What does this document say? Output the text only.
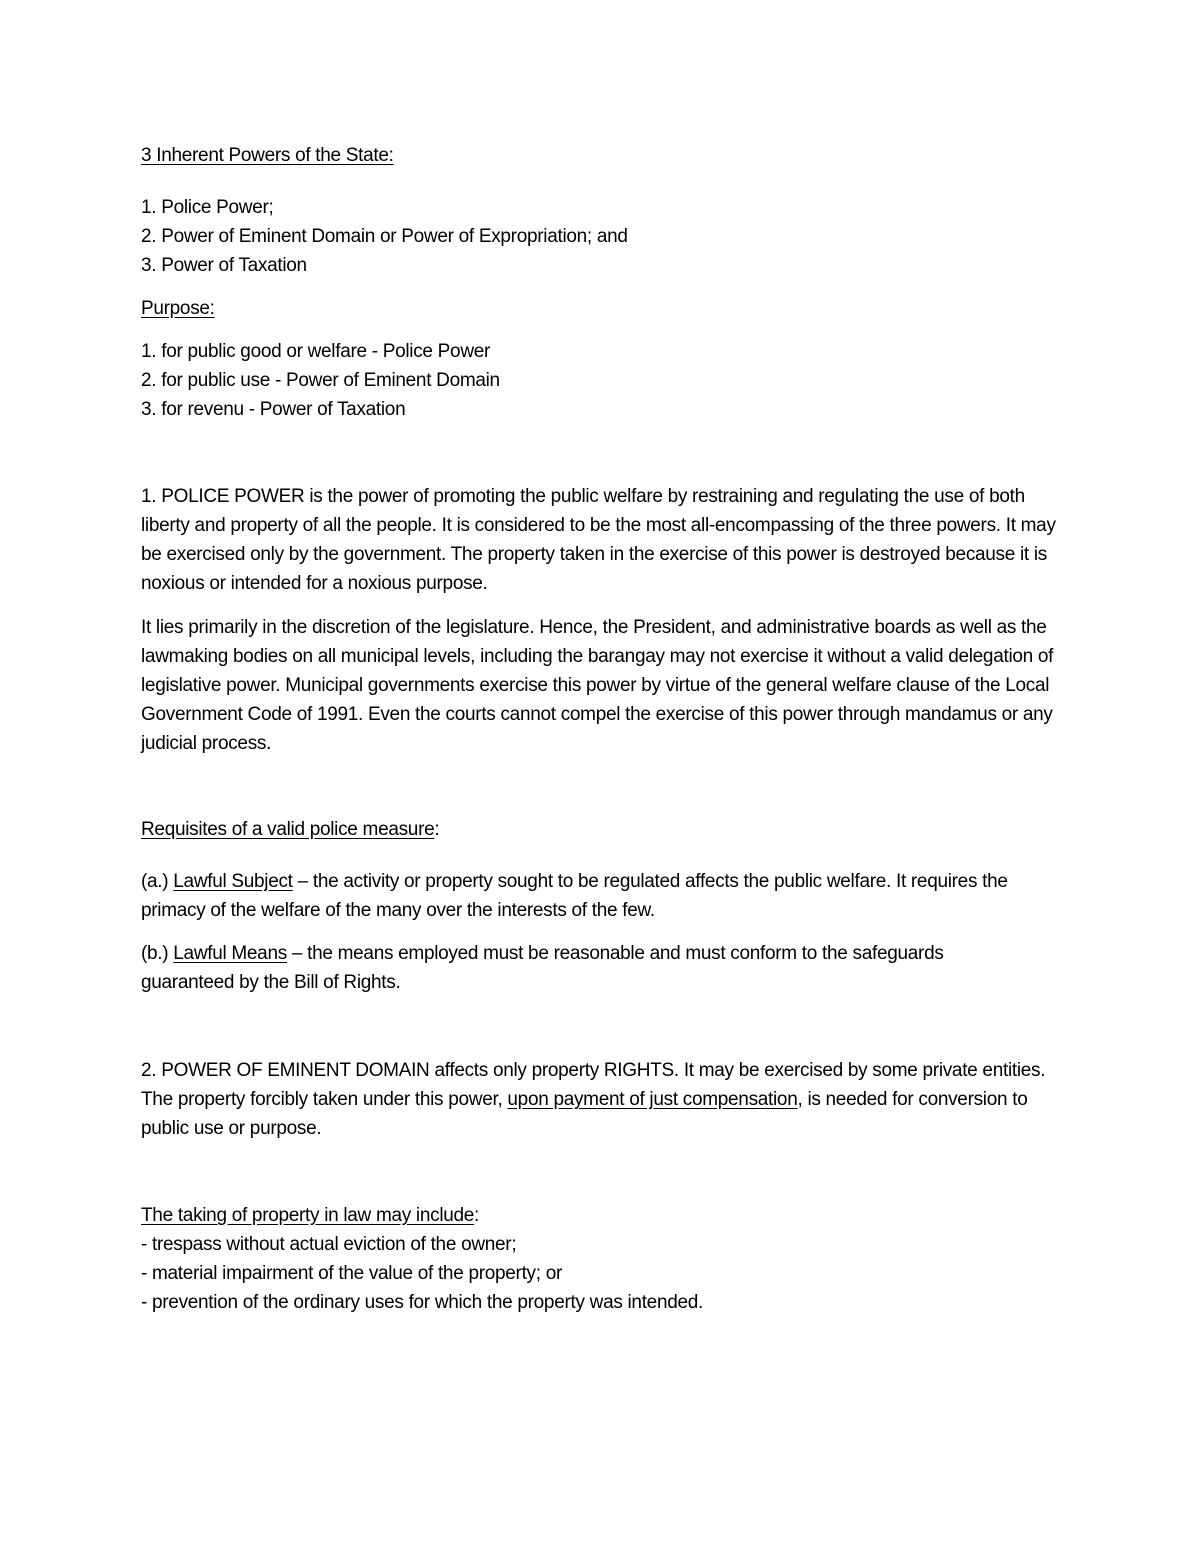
3 Inherent Powers of the State:
1. Police Power;
2. Power of Eminent Domain or Power of Expropriation; and
3. Power of Taxation
Purpose:
1. for public good or welfare - Police Power
2. for public use - Power of Eminent Domain
3. for revenu - Power of Taxation
1. POLICE POWER is the power of promoting the public welfare by restraining and regulating the use of both liberty and property of all the people. It is considered to be the most all-encompassing of the three powers. It may be exercised only by the government. The property taken in the exercise of this power is destroyed because it is noxious or intended for a noxious purpose.
It lies primarily in the discretion of the legislature. Hence, the President, and administrative boards as well as the lawmaking bodies on all municipal levels, including the barangay may not exercise it without a valid delegation of legislative power. Municipal governments exercise this power by virtue of the general welfare clause of the Local Government Code of 1991. Even the courts cannot compel the exercise of this power through mandamus or any judicial process.
Requisites of a valid police measure:
(a.) Lawful Subject – the activity or property sought to be regulated affects the public welfare. It requires the primacy of the welfare of the many over the interests of the few.
(b.) Lawful Means – the means employed must be reasonable and must conform to the safeguards guaranteed by the Bill of Rights.
2. POWER OF EMINENT DOMAIN affects only property RIGHTS. It may be exercised by some private entities. The property forcibly taken under this power, upon payment of just compensation, is needed for conversion to public use or purpose.
The taking of property in law may include:
- trespass without actual eviction of the owner;
- material impairment of the value of the property; or
- prevention of the ordinary uses for which the property was intended.
